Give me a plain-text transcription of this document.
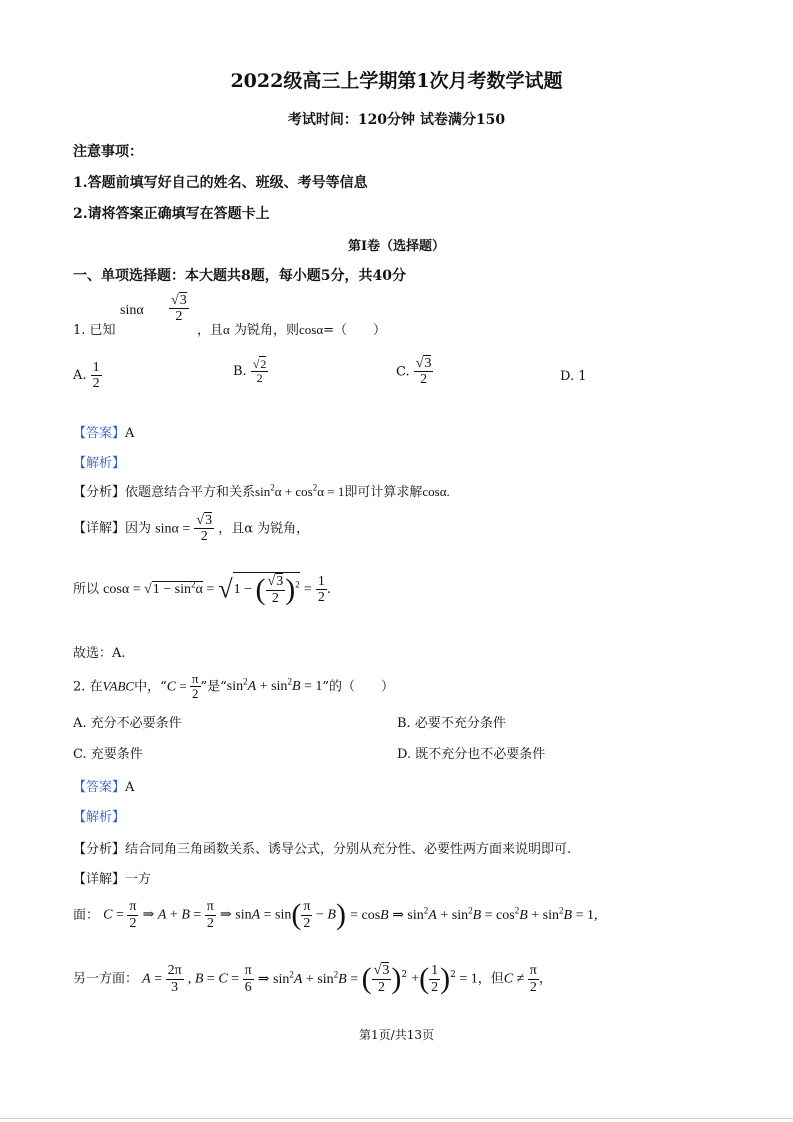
2022级高三上学期第1次月考数学试题
考试时间：120分钟 试卷满分150
注意事项：
1.答题前填写好自己的姓名、班级、考号等信息
2.请将答案正确填写在答题卡上
第I卷（选择题）
一、单项选择题：本大题共8题，每小题5分，共40分
1. 已知
sinα $\frac{√3}{2}$
，且α 为锐角，则cosα=（　　）
A. $\frac{1}{2}$	B. $\frac{√2}{2}$	C. $\frac{√3}{2}$	D. 1
【答案】A
【解析】
【分析】依题意结合平方和关系$\sin^2\alpha + \cos^2\alpha = 1$即可计算求解cosα.
【详解】因为 $\sin\alpha = \frac{√3}{2}$ ，且α 为锐角，
所以 $\cos\alpha = √1 - \sin^2\alpha = √1$ − ( $\frac{√3}{2} )^2 = \frac{1}{2}$ .
故选：A.
2. 在VABC中，“$C = \frac{\pi}{2}$ ”是“$\sin^2A + \sin^2B = 1$”的（　　）
A. 充分不必要条件	B. 必要不充分条件
C. 充要条件	D. 既不充分也不必要条件
【答案】A
【解析】
【分析】结合同角三角函数关系、诱导公式，分别从充分性、必要性两方面来说明即可.
【详解】一方
面： $C = \frac{\pi}{2}$ ⇒ $A + B = \frac{\pi}{2}$ ⇒ $\sin A = \sin( \frac{\pi}{2} - B) = \cos B$ ⇒ $\sin^2A + \sin^2B = \cos^2B + \sin^2B = 1$,
另一方面： $A = \frac{2\pi}{3}$ , $B = C = \frac{\pi}{6}$ ⇒ $\sin^2A + \sin^2B$ = ( $\frac{√3}{2} )^2$ +( $\frac{1}{2} )^2 = 1$，但$C \ne \frac{\pi}{2}$ ，
第1页/共13页
